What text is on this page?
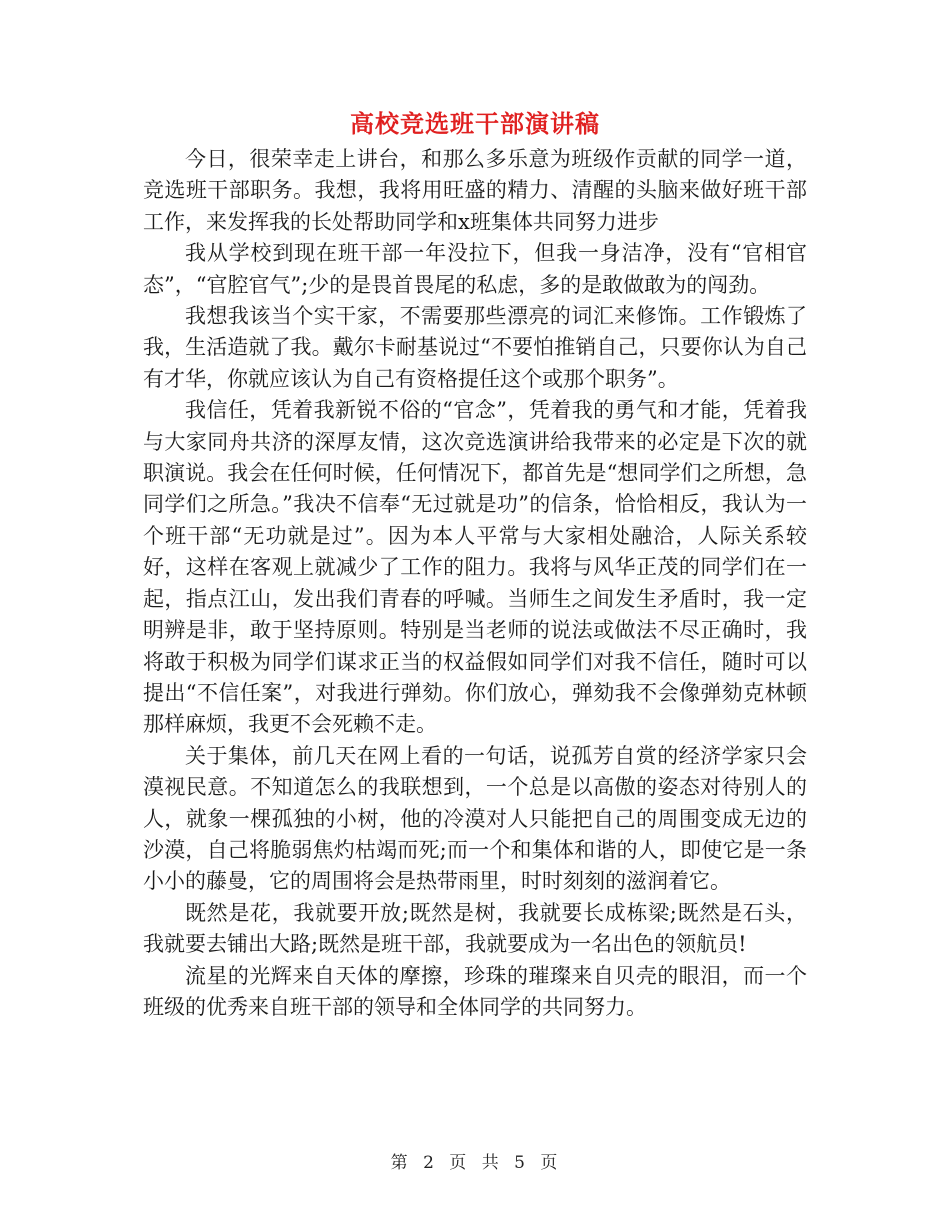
高校竞选班干部演讲稿

今日，很荣幸走上讲台，和那么多乐意为班级作贡献的同学一道，竞选班干部职务。我想，我将用旺盛的精力、清醒的头脑来做好班干部工作，来发挥我的长处帮助同学和x班集体共同努力进步

我从学校到现在班干部一年没拉下，但我一身洁净，没有“官相官态”，“官腔官气”;少的是畏首畏尾的私虑，多的是敢做敢为的闯劲。

我想我该当个实干家，不需要那些漂亮的词汇来修饰。工作锻炼了我，生活造就了我。戴尔卡耐基说过“不要怕推销自己，只要你认为自己有才华，你就应该认为自己有资格提任这个或那个职务”。

我信任，凭着我新锐不俗的“官念”，凭着我的勇气和才能，凭着我与大家同舟共济的深厚友情，这次竞选演讲给我带来的必定是下次的就职演说。我会在任何时候，任何情况下，都首先是“想同学们之所想，急同学们之所急。”我决不信奉“无过就是功”的信条，恰恰相反，我认为一个班干部“无功就是过”。因为本人平常与大家相处融洽，人际关系较好，这样在客观上就减少了工作的阻力。我将与风华正茂的同学们在一起，指点江山，发出我们青春的呼喊。当师生之间发生矛盾时，我一定明辨是非，敢于坚持原则。特别是当老师的说法或做法不尽正确时，我将敢于积极为同学们谋求正当的权益假如同学们对我不信任，随时可以提出“不信任案”，对我进行弹劾。你们放心，弹劾我不会像弹劾克林顿那样麻烦，我更不会死赖不走。

关于集体，前几天在网上看的一句话，说孤芳自赏的经济学家只会漠视民意。不知道怎么的我联想到，一个总是以高傲的姿态对待别人的人，就象一棵孤独的小树，他的冷漠对人只能把自己的周围变成无边的沙漠，自己将脆弱焦灼枯竭而死;而一个和集体和谐的人，即使它是一条小小的藤曼，它的周围将会是热带雨里，时时刻刻的滋润着它。

既然是花，我就要开放;既然是树，我就要长成栋梁;既然是石头，我就要去铺出大路;既然是班干部，我就要成为一名出色的领航员!

流星的光辉来自天体的摩擦，珍珠的璀璨来自贝壳的眼泪，而一个班级的优秀来自班干部的领导和全体同学的共同努力。

第 2 页 共 5 页
